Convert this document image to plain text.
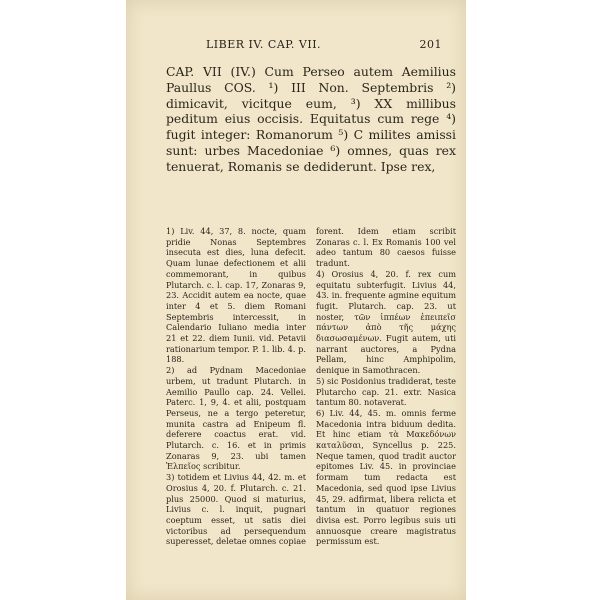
LIBER IV. CAP. VII.	201

CAP. VII (IV.) Cum Perseo autem Aemilius Paullus COS. ¹) III Non. Septembris ²) dimicavit, vicitque eum, ³) XX millibus peditum eius occisis. Equitatus cum rege ⁴) fugit integer: Romanorum ⁵) C milites amissi sunt: urbes Macedoniae ⁶) omnes, quas rex tenuerat, Romanis se dediderunt. Ipse rex,

1) Liv. 44, 37, 8. nocte, quam pridie Nonas Septembres insecuta est dies, luna defecit. Quam lunae defectionem et alii commemorant, in quibus Plutarch. c. l. cap. 17, Zonaras 9, 23. Accidit autem ea nocte, quae inter 4 et 5. diem Romani Septembris intercessit, in Calendario Iuliano media inter 21 et 22. diem Iunii. vid. Petavii rationarium tempor. P. 1. lib. 4. p. 188.

2) ad Pydnam Macedoniae urbem, ut tradunt Plutarch. in Aemilio Paullo cap. 24. Vellei. Paterc. 1, 9, 4. et alii, postquam Perseus, ne a tergo peteretur, munita castra ad Enipeum fl. deferere coactus erat. vid. Plutarch. c. 16. et in primis Zonaras 9, 23. ubi tamen Ἐλπεῖος scribitur.

3) totidem et Livius 44, 42. m. et Orosius 4, 20. f. Plutarch. c. 21. plus 25000. Quod si maturius, Livius c. l. inquit, pugnari coeptum esset, ut satis diei victoribus ad persequendum superesset, deletae omnes copiae

forent. Idem etiam scribit Zonaras c. l. Ex Romanis 100 vel adeo tantum 80 caesos fuisse tradunt.

4) Orosius 4, 20. f. rex cum equitatu subterfugit. Livius 44, 43. in. frequente agmine equitum fugit. Plutarch. cap. 23. ut noster, τῶν ἱππέων ἐπειπεῖσ πάντων ἀπὸ τῆς μάχης διασωσαμένων. Fugit autem, uti narrant auctores, a Pydna Pellam, hinc Amphipolim, denique in Samothracen.

5) sic Posidonius tradiderat, teste Plutarcho cap. 21. extr. Nasica tantum 80. notaverat.

6) Liv. 44, 45. m. omnis ferme Macedonia intra biduum dedita. Et hinc etiam τὰ Μακεδόνων καταλῦσαι, Syncellus p. 225. Neque tamen, quod tradit auctor epitomes Liv. 45. in provinciae formam tum redacta est Macedonia, sed quod ipse Livius 45, 29. adfirmat, libera relicta et tantum in quatuor regiones divisa est. Porro legibus suis uti annuosque creare magistratus permissum est.
